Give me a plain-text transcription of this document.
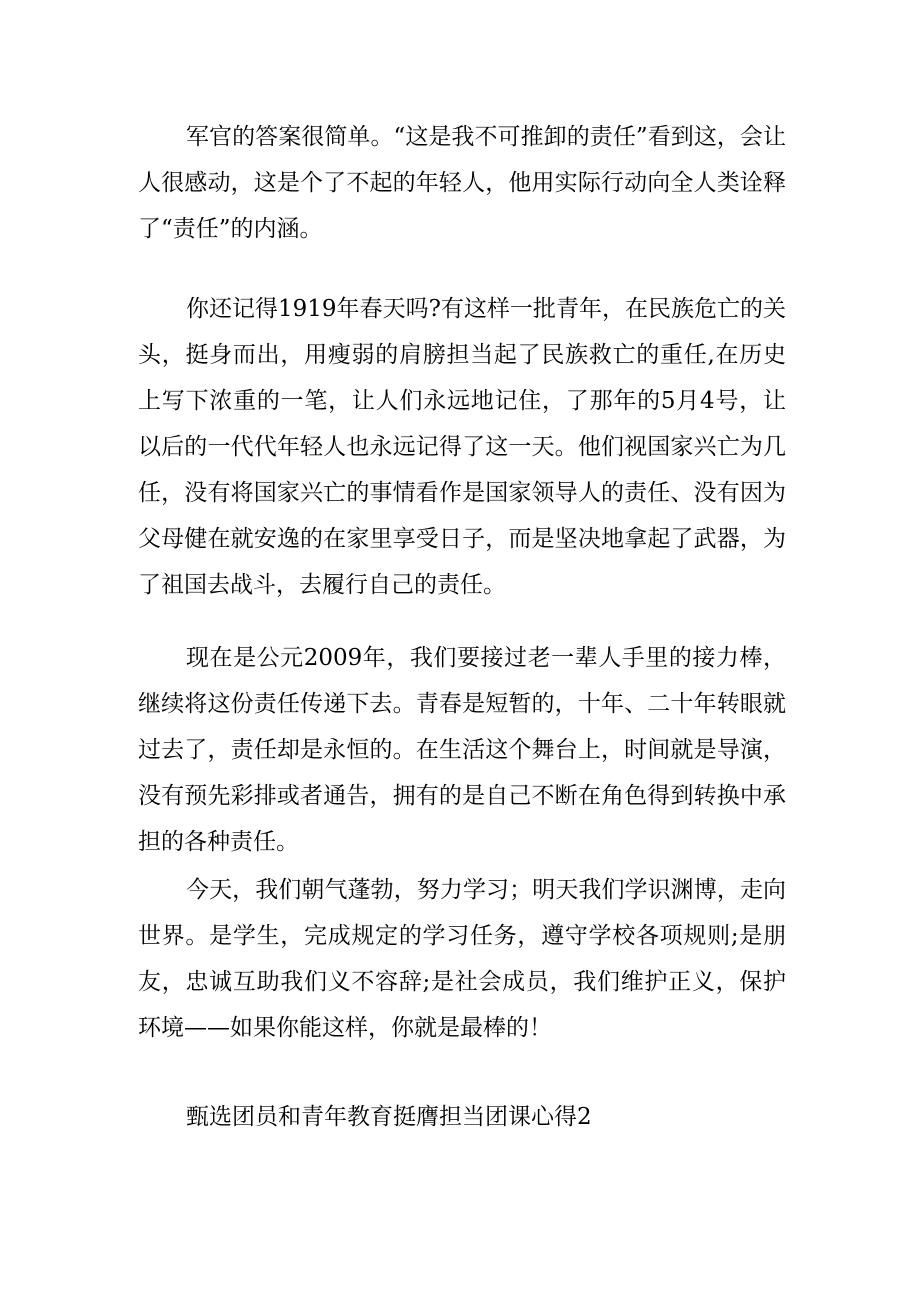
军官的答案很简单。“这是我不可推卸的责任”看到这，会让人很感动，这是个了不起的年轻人，他用实际行动向全人类诠释了“责任”的内涵。

你还记得1919年春天吗?有这样一批青年，在民族危亡的关头，挺身而出，用瘦弱的肩膀担当起了民族救亡的重任,在历史上写下浓重的一笔，让人们永远地记住，了那年的5月4号，让以后的一代代年轻人也永远记得了这一天。他们视国家兴亡为几任，没有将国家兴亡的事情看作是国家领导人的责任、没有因为父母健在就安逸的在家里享受日子，而是坚决地拿起了武器，为了祖国去战斗，去履行自己的责任。

现在是公元2009年，我们要接过老一辈人手里的接力棒，继续将这份责任传递下去。青春是短暂的，十年、二十年转眼就过去了，责任却是永恒的。在生活这个舞台上，时间就是导演，没有预先彩排或者通告，拥有的是自己不断在角色得到转换中承担的各种责任。

今天，我们朝气蓬勃，努力学习；明天我们学识渊博，走向世界。是学生，完成规定的学习任务，遵守学校各项规则;是朋友，忠诚互助我们义不容辞;是社会成员，我们维护正义，保护环境——如果你能这样，你就是最棒的！

甄选团员和青年教育挺膺担当团课心得2
